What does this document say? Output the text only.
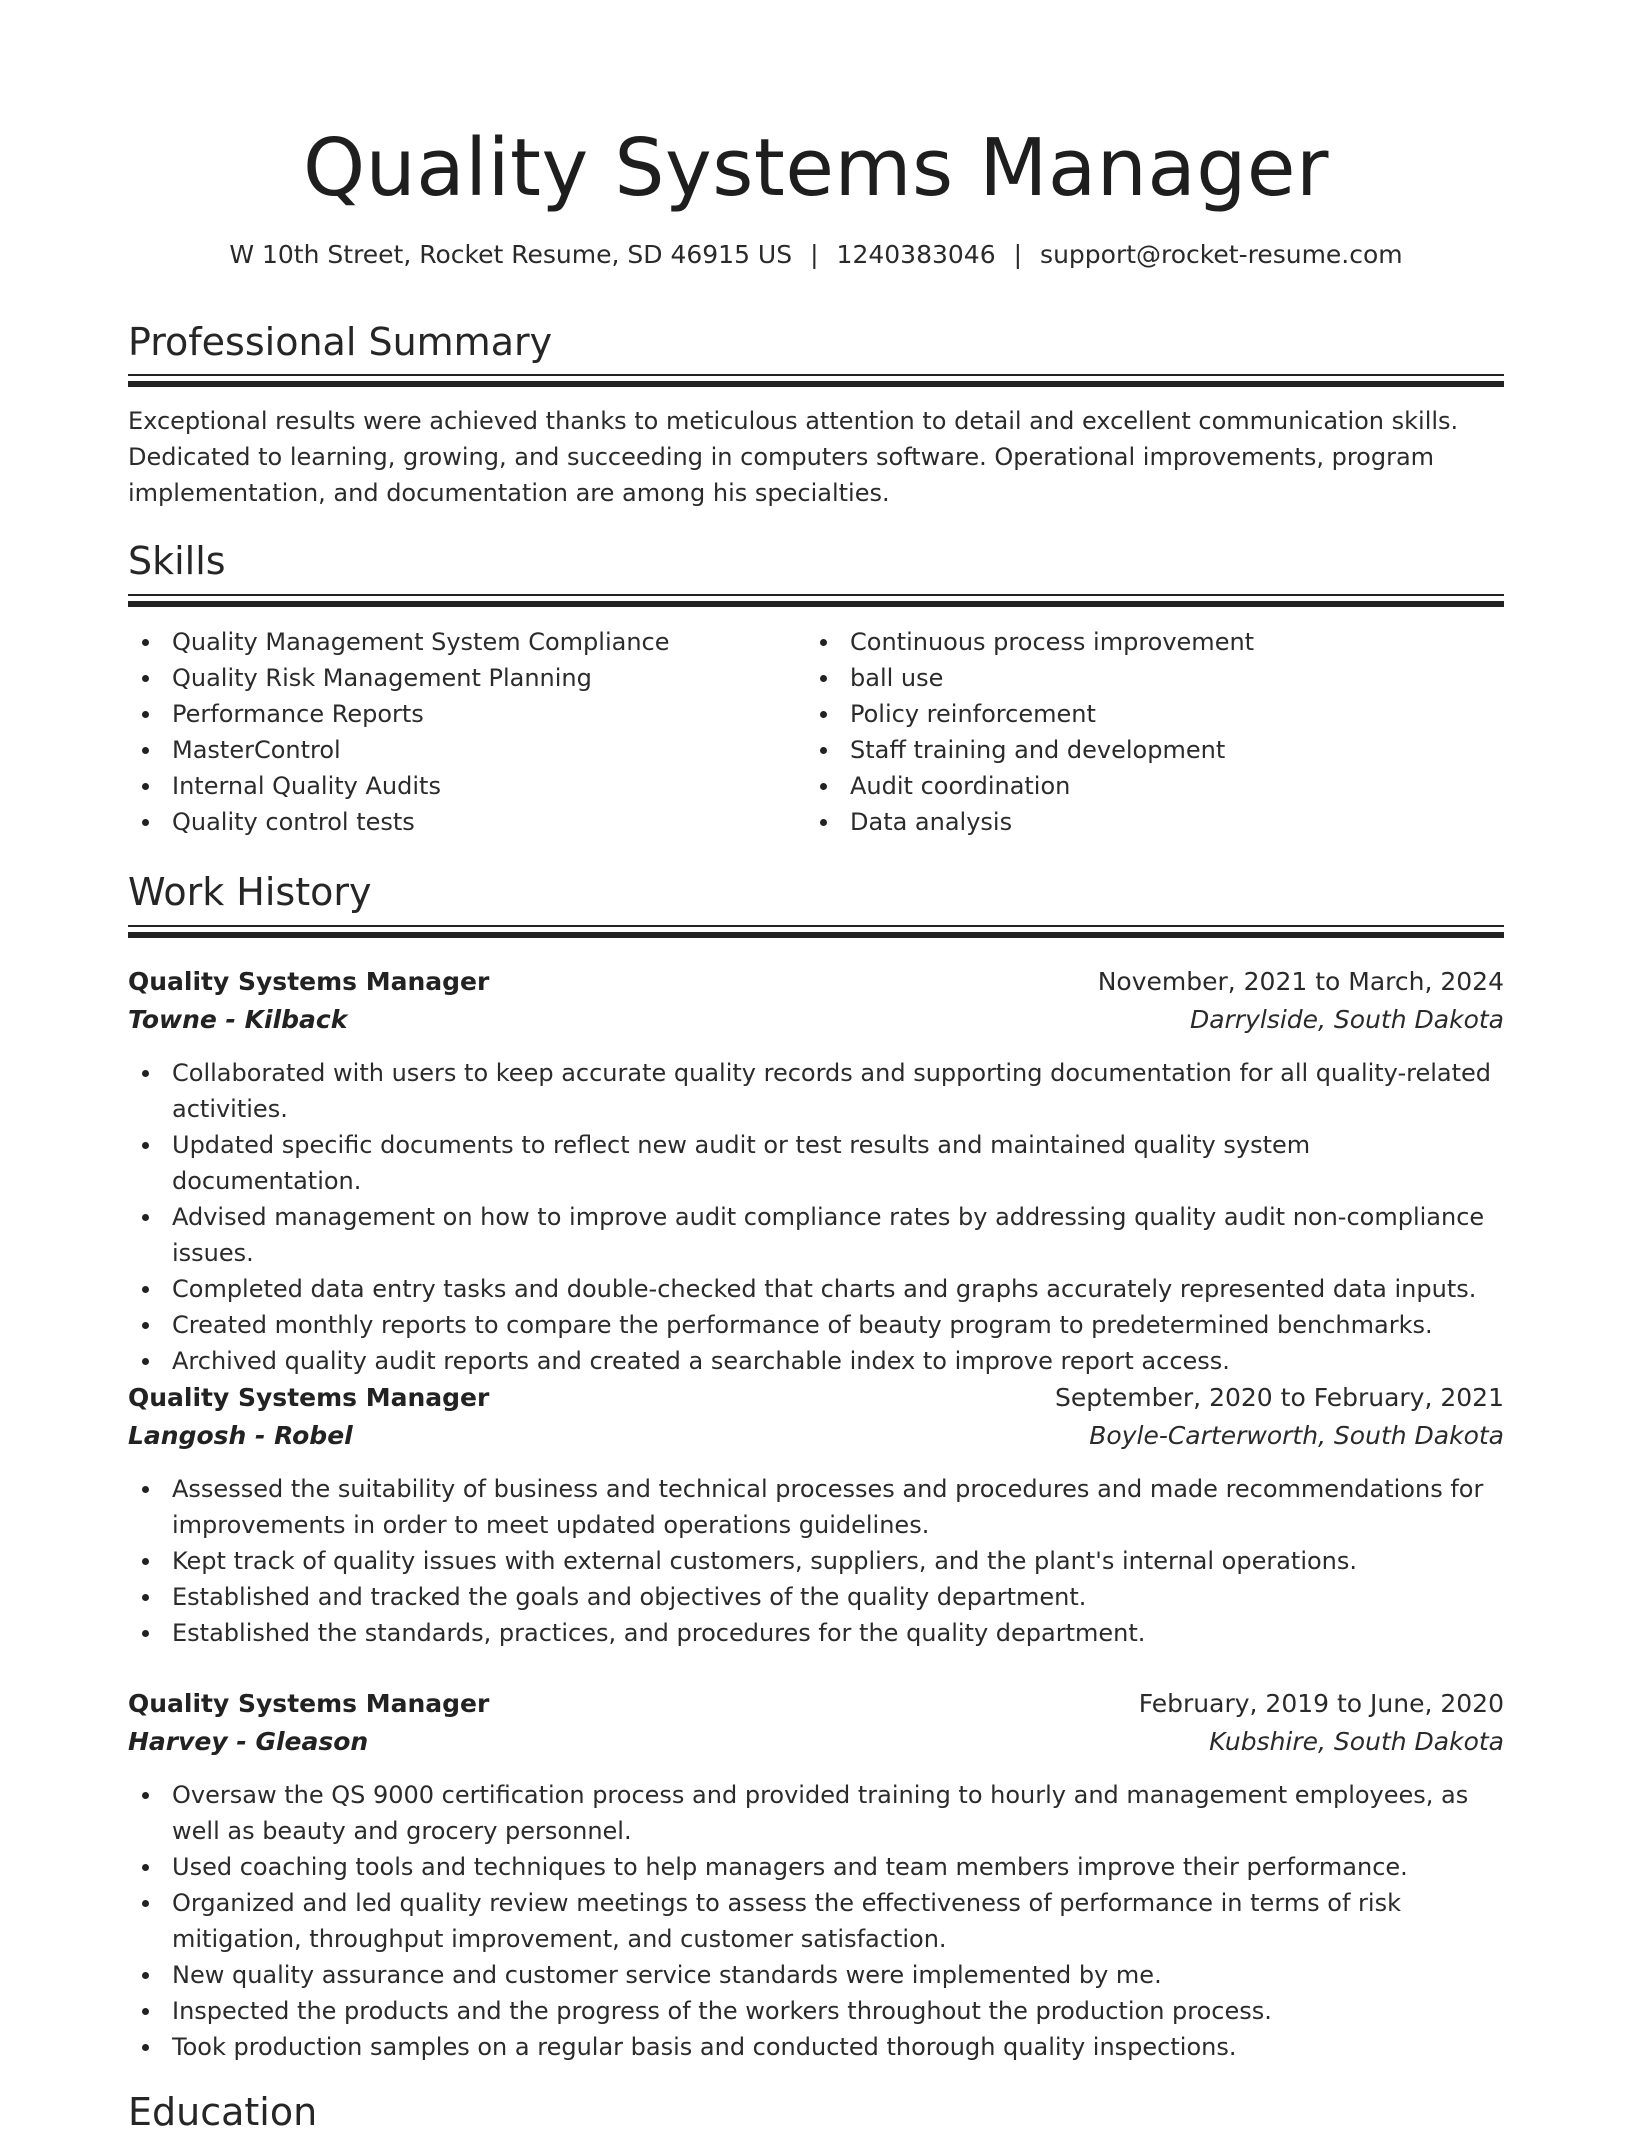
Quality Systems Manager
W 10th Street, Rocket Resume, SD 46915 US | 1240383046 | support@rocket-resume.com
Professional Summary
Exceptional results were achieved thanks to meticulous attention to detail and excellent communication skills. Dedicated to learning, growing, and succeeding in computers software. Operational improvements, program implementation, and documentation are among his specialties.
Skills
Quality Management System Compliance
Quality Risk Management Planning
Performance Reports
MasterControl
Internal Quality Audits
Quality control tests
Continuous process improvement
ball use
Policy reinforcement
Staff training and development
Audit coordination
Data analysis
Work History
Quality Systems Manager	November, 2021 to March, 2024
Towne - Kilback	Darrylside, South Dakota
Collaborated with users to keep accurate quality records and supporting documentation for all quality-related activities.
Updated specific documents to reflect new audit or test results and maintained quality system documentation.
Advised management on how to improve audit compliance rates by addressing quality audit non-compliance issues.
Completed data entry tasks and double-checked that charts and graphs accurately represented data inputs.
Created monthly reports to compare the performance of beauty program to predetermined benchmarks.
Archived quality audit reports and created a searchable index to improve report access.
Quality Systems Manager	September, 2020 to February, 2021
Langosh - Robel	Boyle-Carterworth, South Dakota
Assessed the suitability of business and technical processes and procedures and made recommendations for improvements in order to meet updated operations guidelines.
Kept track of quality issues with external customers, suppliers, and the plant's internal operations.
Established and tracked the goals and objectives of the quality department.
Established the standards, practices, and procedures for the quality department.
Quality Systems Manager	February, 2019 to June, 2020
Harvey - Gleason	Kubshire, South Dakota
Oversaw the QS 9000 certification process and provided training to hourly and management employees, as well as beauty and grocery personnel.
Used coaching tools and techniques to help managers and team members improve their performance.
Organized and led quality review meetings to assess the effectiveness of performance in terms of risk mitigation, throughput improvement, and customer satisfaction.
New quality assurance and customer service standards were implemented by me.
Inspected the products and the progress of the workers throughout the production process.
Took production samples on a regular basis and conducted thorough quality inspections.
Education
